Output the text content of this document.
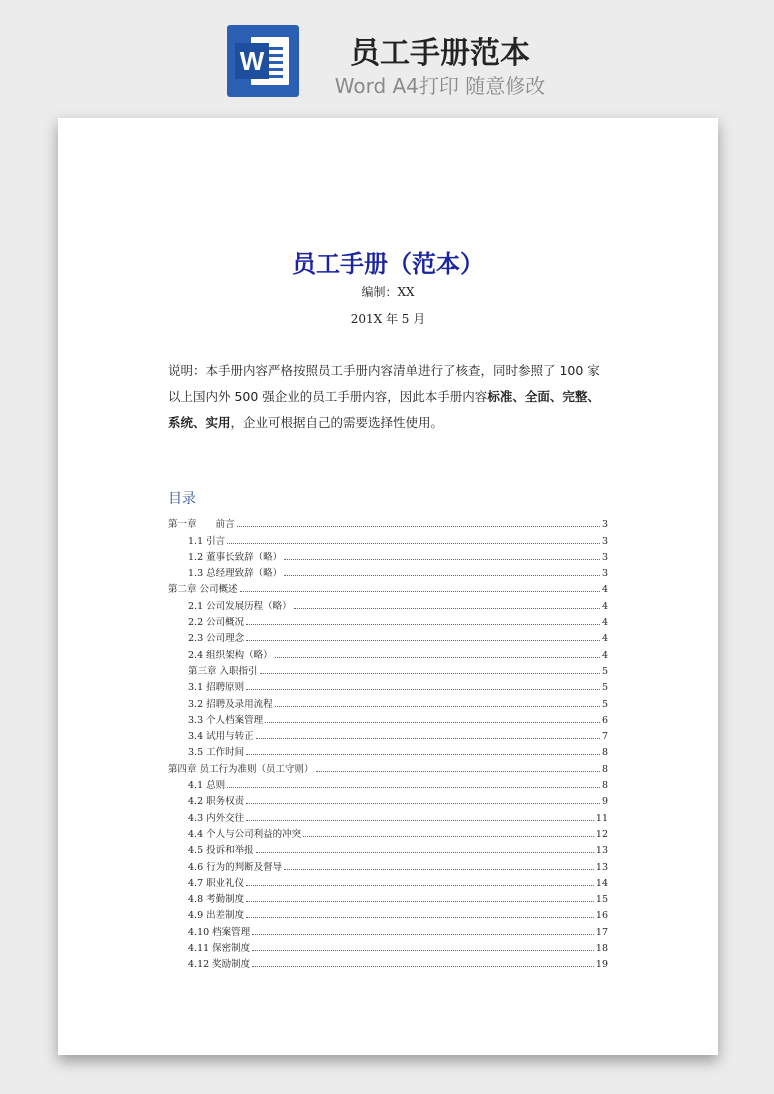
W	员工手册范本
Word A4打印 随意修改
员工手册（范本）
编制：XX
201X 年 5 月
说明：本手册内容严格按照员工手册内容清单进行了核查，同时参照了 100 家以上国内外 500 强企业的员工手册内容，因此本手册内容标准、全面、完整、系统、实用，企业可根据自己的需要选择性使用。
目录
第一章　　前言	3
1.1 引言	3
1.2 董事长致辞（略）	3
1.3 总经理致辞（略）	3
第二章 公司概述	4
2.1 公司发展历程（略）	4
2.2 公司概况	4
2.3 公司理念	4
2.4 组织架构（略）	4
第三章 入职指引	5
3.1 招聘原则	5
3.2 招聘及录用流程	5
3.3 个人档案管理	6
3.4 试用与转正	7
3.5 工作时间	8
第四章 员工行为准则（员工守则）	8
4.1 总则	8
4.2 职务权责	9
4.3 内外交往	11
4.4 个人与公司利益的冲突	12
4.5 投诉和举报	13
4.6 行为的判断及督导	13
4.7 职业礼仪	14
4.8 考勤制度	15
4.9 出差制度	16
4.10 档案管理	17
4.11 保密制度	18
4.12 奖励制度	19
